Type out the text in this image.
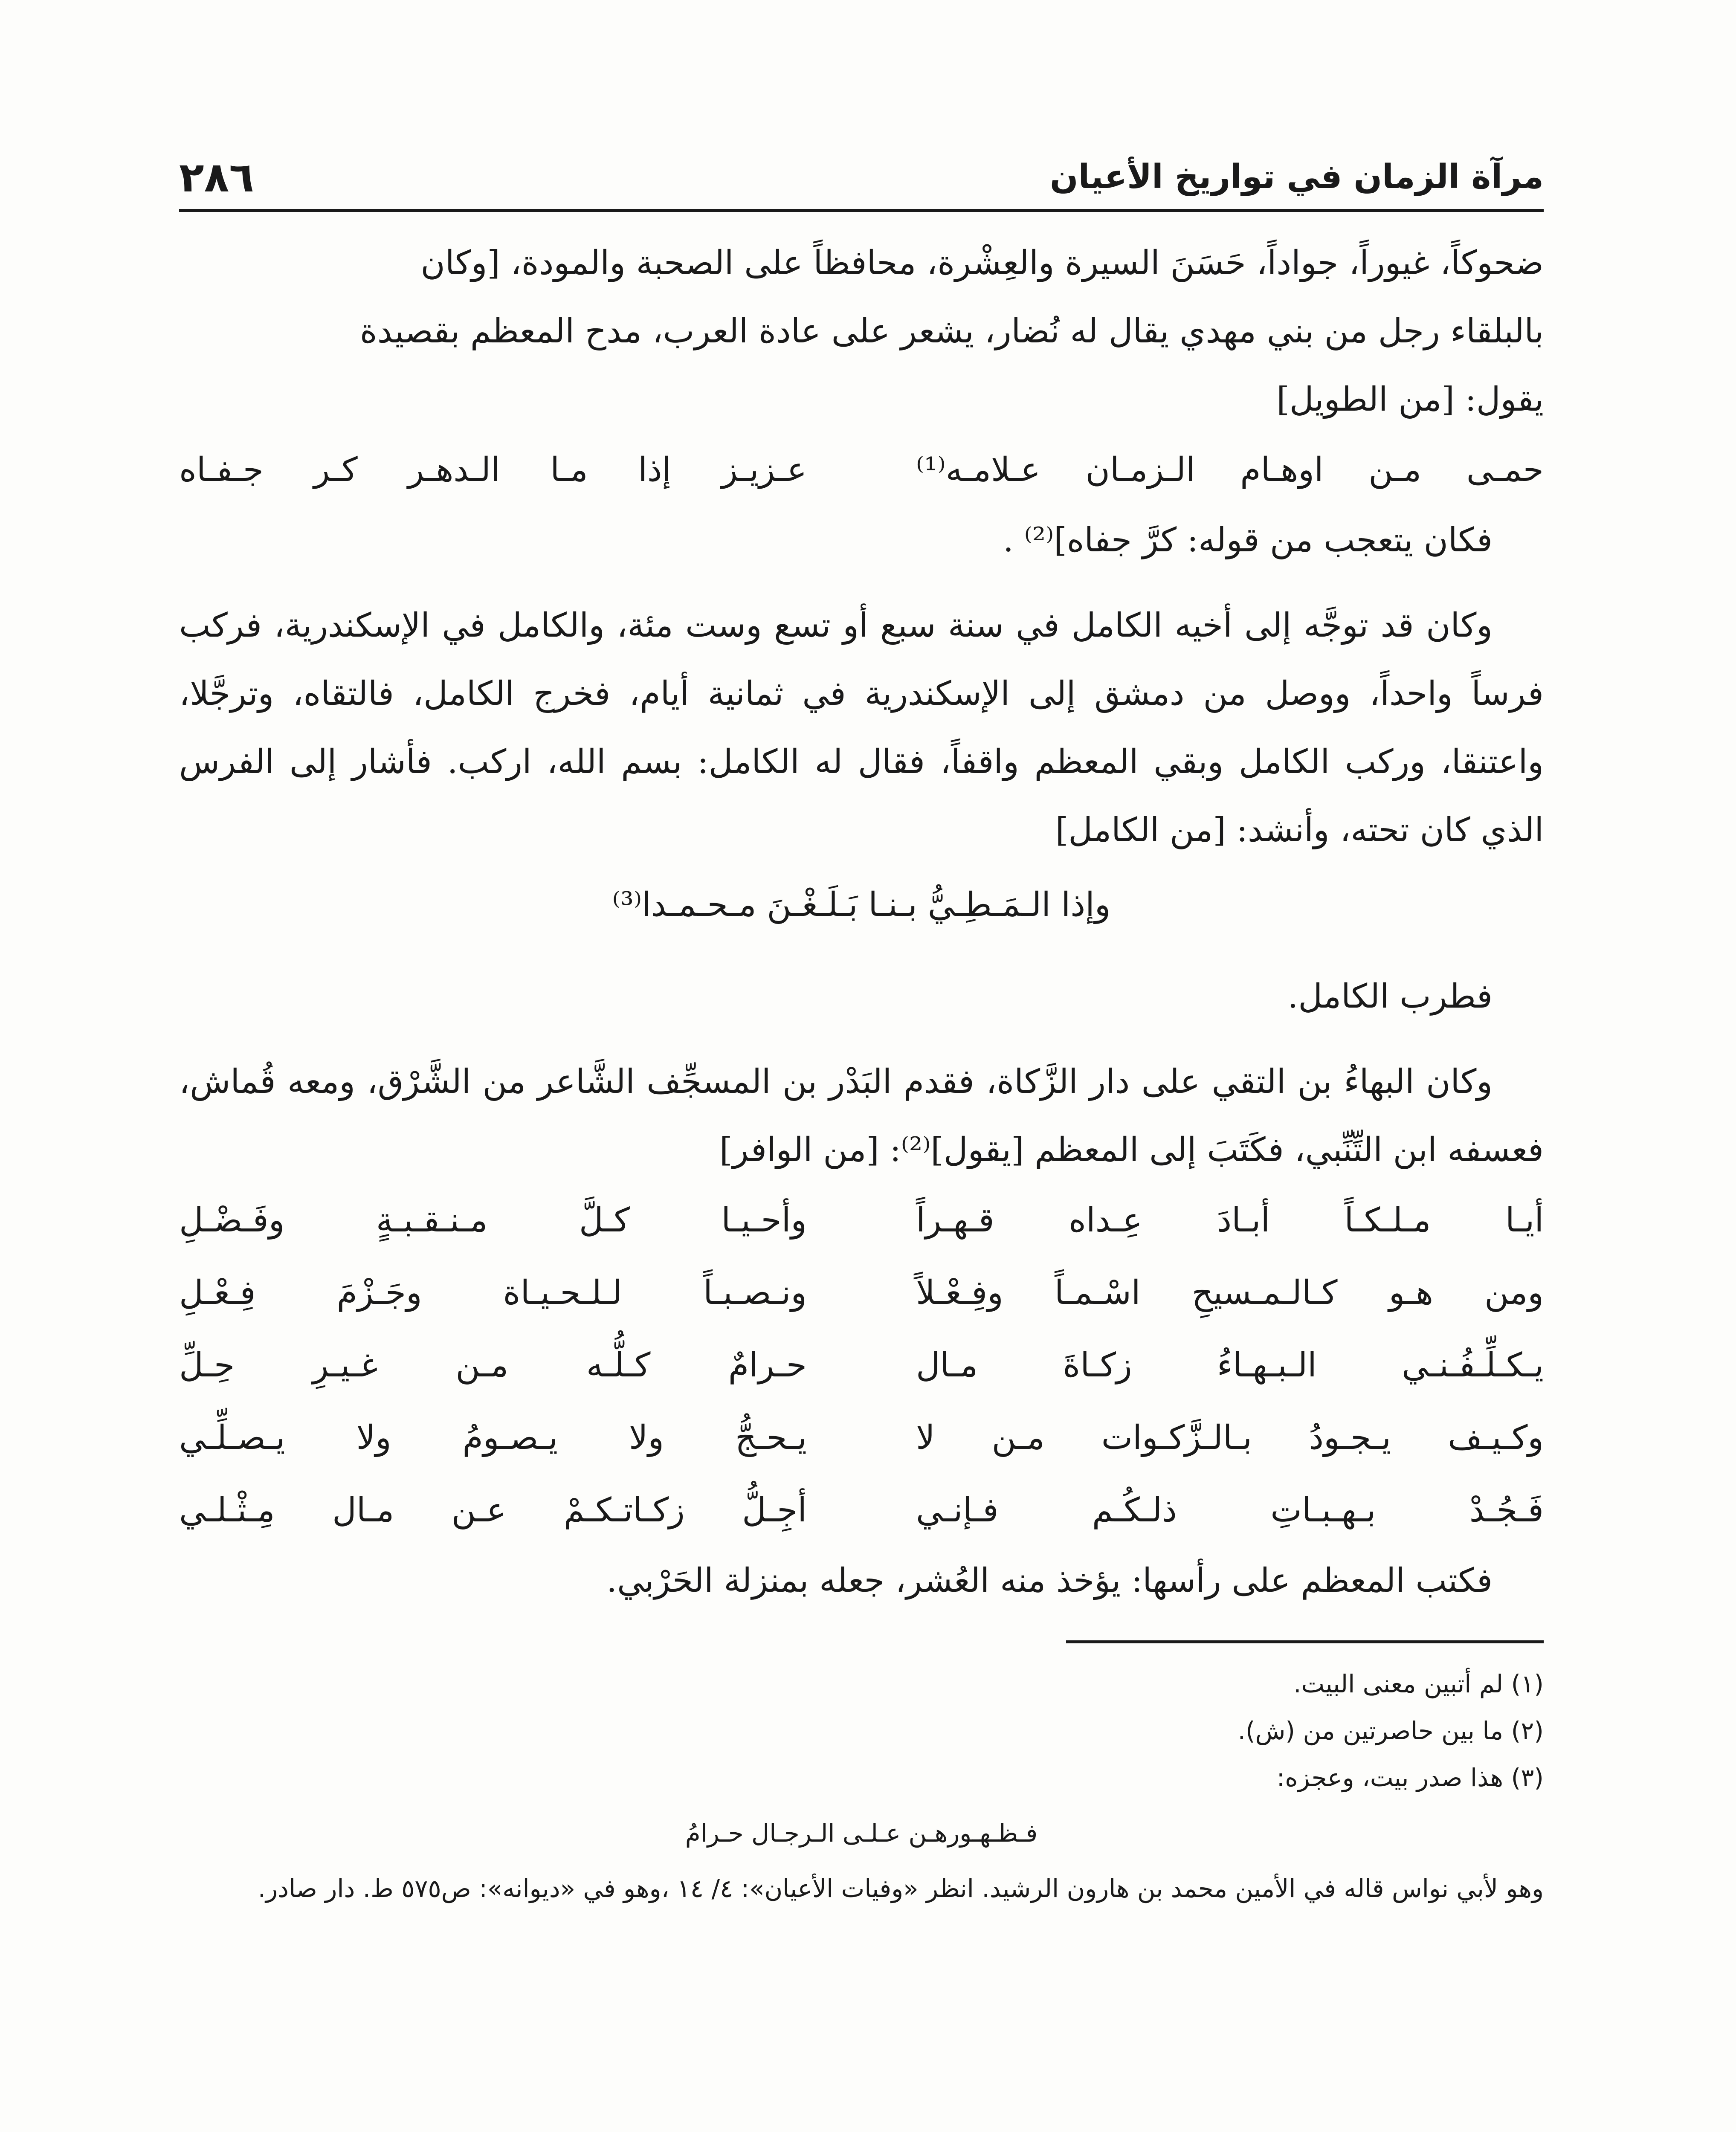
مرآة الزمان في تواريخ الأعيان
٢٨٦

ضحوكاً، غيوراً، جواداً، حَسَنَ السيرة والعِشْرة، محافظاً على الصحبة والمودة، [وكان

بالبلقاء رجل من بني مهدي يقال له نُضار، يشعر على عادة العرب، مدح المعظم بقصيدة

يقول: [من الطويل]

حمـى مـن اوهـام الـزمـان عـلامـه⁽¹⁾
عـزيـز إذا مـا الـدهـر كـر جـفـاه

فكان يتعجب من قوله: كرَّ جفاه]⁽²⁾ .

وكان قد توجَّه إلى أخيه الكامل في سنة سبع أو تسع وست مئة، والكامل في الإسكندرية، فركب فرساً واحداً، ووصل من دمشق إلى الإسكندرية في ثمانية أيام، فخرج الكامل، فالتقاه، وترجَّلا، واعتنقا، وركب الكامل وبقي المعظم واقفاً، فقال له الكامل: بسم الله، اركب. فأشار إلى الفرس الذي كان تحته، وأنشد: [من الكامل]

وإذا الـمَـطِـيُّ بـنـا بَـلَـغْـنَ مـحـمـدا⁽³⁾

فطرب الكامل.

وكان البهاءُ بن التقي على دار الزَّكاة، فقدم البَدْر بن المسجِّف الشَّاعر من الشَّرْق، ومعه قُماش، فعسفه ابن التِّنِّبي، فكَتَبَ إلى المعظم [يقول]⁽²⁾: [من الوافر]

أيـا مـلـكـاً أبـادَ عِـداه قـهـراً
وأحـيـا كـلَّ مـنـقـبـةٍ وفَـضْـلِ
ومن هـو كـالـمـسيحِ اسْـمـاً وفِـعْـلاً
ونـصـبـاً لـلـحـيـاة وجَـزْمَ فِـعْـلِ
يـكـلِّـفُـنـي الـبـهـاءُ زكـاةَ مـال
حـرامٌ كـلُّـه مـن غـيـرِ حِـلِّ
وكـيـف يـجـودُ بـالـزَّكـوات مـن لا
يـحـجُّ ولا يـصـومُ ولا يـصـلِّـي
فَـجُـدْ بـهـبـاتِ ذلـكُـم فـإنـي
أجِـلُّ زكـاتـكـمْ عـن مـال مِـثْـلـي

فكتب المعظم على رأسها: يؤخذ منه العُشر، جعله بمنزلة الحَرْبي.

(١) لم أتبين معنى البيت.

(٢) ما بين حاصرتين من (ش).

(٣) هذا صدر بيت، وعجزه:

فـظـهـورهـن عـلـى الـرجـال حـرامُ

وهو لأبي نواس قاله في الأمين محمد بن هارون الرشيد. انظر «وفيات الأعيان»: ٤/ ١٤ ،وهو في «ديوانه»: ص٥٧٥ ط. دار صادر.
